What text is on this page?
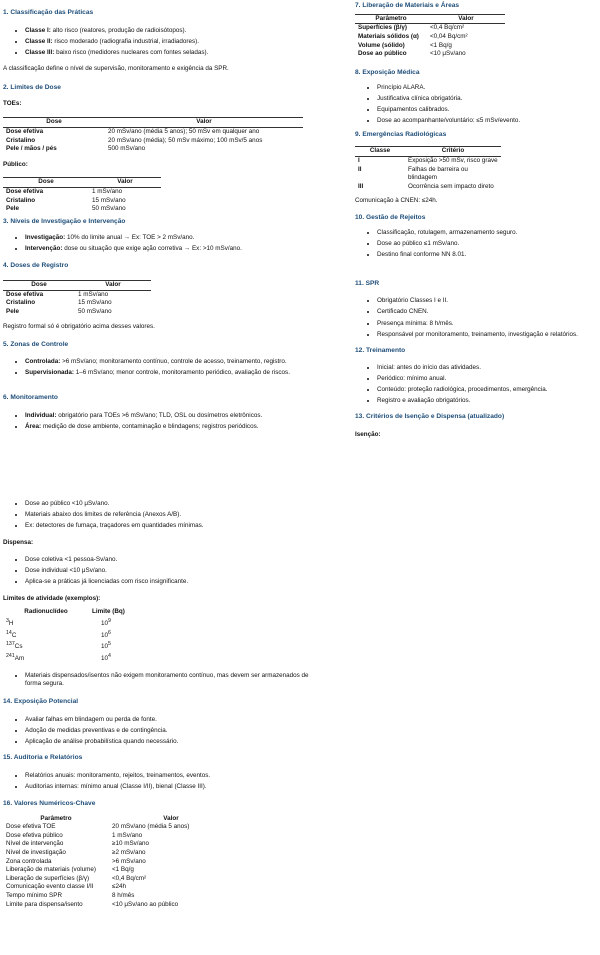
1. Classificação das Práticas

• Classe I: alto risco (reatores, produção de radioisótopos).
• Classe II: risco moderado (radiografia industrial, irradiadores).
• Classe III: baixo risco (medidores nucleares com fontes seladas).

A classificação define o nível de supervisão, monitoramento e exigência da SPR.

2. Limites de Dose

TOEs:

Dose	Valor
Dose efetiva	20 mSv/ano (média 5 anos); 50 mSv em qualquer ano
Cristalino	20 mSv/ano (média); 50 mSv máximo; 100 mSv/5 anos
Pele / mãos / pés	500 mSv/ano

Público:

Dose	Valor
Dose efetiva	1 mSv/ano
Cristalino	15 mSv/ano
Pele	50 mSv/ano

3. Níveis de Investigação e Intervenção

• Investigação: 10% do limite anual → Ex: TOE > 2 mSv/ano.
• Intervenção: dose ou situação que exige ação corretiva → Ex: >10 mSv/ano.

4. Doses de Registro

Dose	Valor
Dose efetiva	1 mSv/ano
Cristalino	15 mSv/ano
Pele	50 mSv/ano

Registro formal só é obrigatório acima desses valores.

5. Zonas de Controle

• Controlada: >6 mSv/ano; monitoramento contínuo, controle de acesso, treinamento, registro.
• Supervisionada: 1–6 mSv/ano; menor controle, monitoramento periódico, avaliação de riscos.

6. Monitoramento

• Individual: obrigatório para TOEs >6 mSv/ano; TLD, OSL ou dosímetros eletrônicos.
• Área: medição de dose ambiente, contaminação e blindagens; registros periódicos.

7. Liberação de Materiais e Áreas

Parâmetro	Valor
Superfícies (β/γ)	<0,4 Bq/cm²
Materiais sólidos (α)	<0,04 Bq/cm²
Volume (sólido)	<1 Bq/g
Dose ao público	<10 μSv/ano

8. Exposição Médica

• Princípio ALARA.
• Justificativa clínica obrigatória.
• Equipamentos calibrados.
• Dose ao acompanhante/voluntário: ≤5 mSv/evento.

9. Emergências Radiológicas

Classe	Critério
I	Exposição >50 mSv, risco grave
II	Falhas de barreira ou blindagem
III	Ocorrência sem impacto direto

Comunicação à CNEN: ≤24h.

10. Gestão de Rejeitos

• Classificação, rotulagem, armazenamento seguro.
• Dose ao público ≤1 mSv/ano.
• Destino final conforme NN 8.01.

11. SPR

• Obrigatório Classes I e II.
• Certificado CNEN.
• Presença mínima: 8 h/mês.
• Responsável por monitoramento, treinamento, investigação e relatórios.

12. Treinamento

• Inicial: antes do início das atividades.
• Periódico: mínimo anual.
• Conteúdo: proteção radiológica, procedimentos, emergência.
• Registro e avaliação obrigatórios.

13. Critérios de Isenção e Dispensa (atualizado)

Isenção:

• Dose ao público <10 μSv/ano.
• Materiais abaixo dos limites de referência (Anexos A/B).
• Ex: detectores de fumaça, traçadores em quantidades mínimas.

Dispensa:

• Dose coletiva <1 pessoa-Sv/ano.
• Dose individual <10 μSv/ano.
• Aplica-se a práticas já licenciadas com risco insignificante.

Limites de atividade (exemplos):

Radionuclídeo	Limite (Bq)
$^3$H	$10^9$
$^{14}$C	$10^6$
$^{137}$Cs	$10^5$
$^{241}$Am	$10^4$
• Materiais dispensados/isentos não exigem monitoramento contínuo, mas devem ser armazenados de forma segura.

14. Exposição Potencial

• Avaliar falhas em blindagem ou perda de fonte.
• Adoção de medidas preventivas e de contingência.
• Aplicação de análise probabilística quando necessário.

15. Auditoria e Relatórios

• Relatórios anuais: monitoramento, rejeitos, treinamentos, eventos.
• Auditorias internas: mínimo anual (Classe I/II), bienal (Classe III).

16. Valores Numéricos-Chave

Parâmetro	Valor
Dose efetiva TOE	20 mSv/ano (média 5 anos)
Dose efetiva público	1 mSv/ano
Nível de intervenção	≥10 mSv/ano
Nível de investigação	≥2 mSv/ano
Zona controlada	>6 mSv/ano
Liberação de materiais (volume)	<1 Bq/g
Liberação de superfícies (β/γ)	<0,4 Bq/cm²
Comunicação evento classe I/II	≤24h
Tempo mínimo SPR	8 h/mês
Limite para dispensa/isento	<10 μSv/ano ao público
